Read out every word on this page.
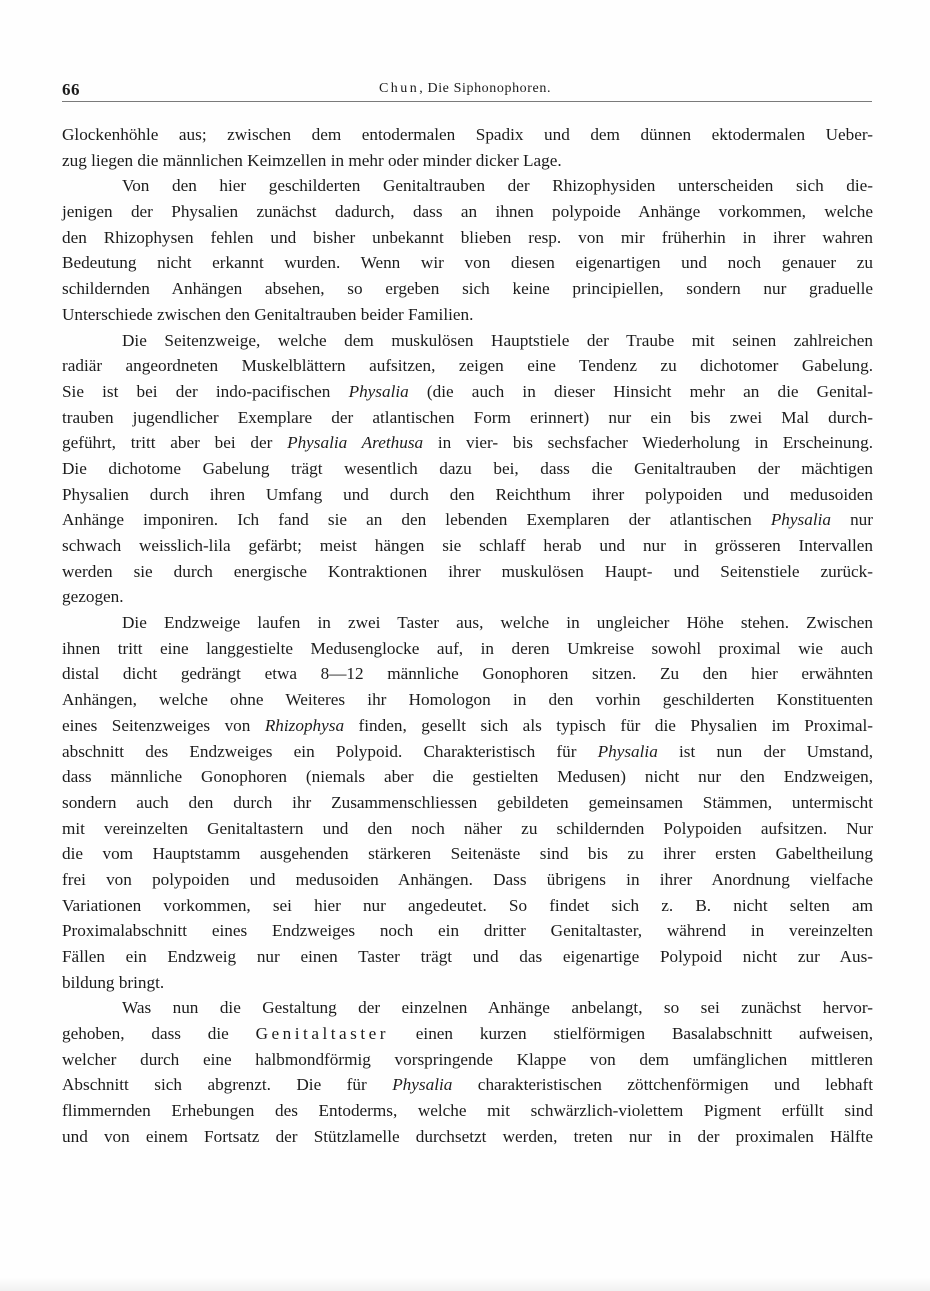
66	Chun, Die Siphonophoren.
Glockenhöhle aus; zwischen dem entodermalen Spadix und dem dünnen ektodermalen Ueber-
zug liegen die männlichen Keimzellen in mehr oder minder dicker Lage.
Von den hier geschilderten Genitaltrauben der Rhizophysiden unterscheiden sich die-
jenigen der Physalien zunächst dadurch, dass an ihnen polypoide Anhänge vorkommen, welche
den Rhizophysen fehlen und bisher unbekannt blieben resp. von mir früherhin in ihrer wahren
Bedeutung nicht erkannt wurden. Wenn wir von diesen eigenartigen und noch genauer zu
schildernden Anhängen absehen, so ergeben sich keine principiellen, sondern nur graduelle
Unterschiede zwischen den Genitaltrauben beider Familien.
Die Seitenzweige, welche dem muskulösen Hauptstiele der Traube mit seinen zahlreichen
radiär angeordneten Muskelblättern aufsitzen, zeigen eine Tendenz zu dichotomer Gabelung.
Sie ist bei der indo-pacifischen Physalia (die auch in dieser Hinsicht mehr an die Genital-
trauben jugendlicher Exemplare der atlantischen Form erinnert) nur ein bis zwei Mal durch-
geführt, tritt aber bei der Physalia Arethusa in vier- bis sechsfacher Wiederholung in Erscheinung.
Die dichotome Gabelung trägt wesentlich dazu bei, dass die Genitaltrauben der mächtigen
Physalien durch ihren Umfang und durch den Reichthum ihrer polypoiden und medusoiden
Anhänge imponiren. Ich fand sie an den lebenden Exemplaren der atlantischen Physalia nur
schwach weisslich-lila gefärbt; meist hängen sie schlaff herab und nur in grösseren Intervallen
werden sie durch energische Kontraktionen ihrer muskulösen Haupt- und Seitenstiele zurück-
gezogen.
Die Endzweige laufen in zwei Taster aus, welche in ungleicher Höhe stehen. Zwischen
ihnen tritt eine langgestielte Medusenglocke auf, in deren Umkreise sowohl proximal wie auch
distal dicht gedrängt etwa 8—12 männliche Gonophoren sitzen. Zu den hier erwähnten
Anhängen, welche ohne Weiteres ihr Homologon in den vorhin geschilderten Konstituenten
eines Seitenzweiges von Rhizophysa finden, gesellt sich als typisch für die Physalien im Proximal-
abschnitt des Endzweiges ein Polypoid. Charakteristisch für Physalia ist nun der Umstand,
dass männliche Gonophoren (niemals aber die gestielten Medusen) nicht nur den Endzweigen,
sondern auch den durch ihr Zusammenschliessen gebildeten gemeinsamen Stämmen, untermischt
mit vereinzelten Genitaltastern und den noch näher zu schildernden Polypoiden aufsitzen. Nur
die vom Hauptstamm ausgehenden stärkeren Seitenäste sind bis zu ihrer ersten Gabeltheilung
frei von polypoiden und medusoiden Anhängen. Dass übrigens in ihrer Anordnung vielfache
Variationen vorkommen, sei hier nur angedeutet. So findet sich z. B. nicht selten am
Proximalabschnitt eines Endzweiges noch ein dritter Genitaltaster, während in vereinzelten
Fällen ein Endzweig nur einen Taster trägt und das eigenartige Polypoid nicht zur Aus-
bildung bringt.
Was nun die Gestaltung der einzelnen Anhänge anbelangt, so sei zunächst hervor-
gehoben, dass die Genitaltaster einen kurzen stielförmigen Basalabschnitt aufweisen,
welcher durch eine halbmondförmig vorspringende Klappe von dem umfänglichen mittleren
Abschnitt sich abgrenzt. Die für Physalia charakteristischen zöttchenförmigen und lebhaft
flimmernden Erhebungen des Entoderms, welche mit schwärzlich-violettem Pigment erfüllt sind
und von einem Fortsatz der Stützlamelle durchsetzt werden, treten nur in der proximalen Hälfte
